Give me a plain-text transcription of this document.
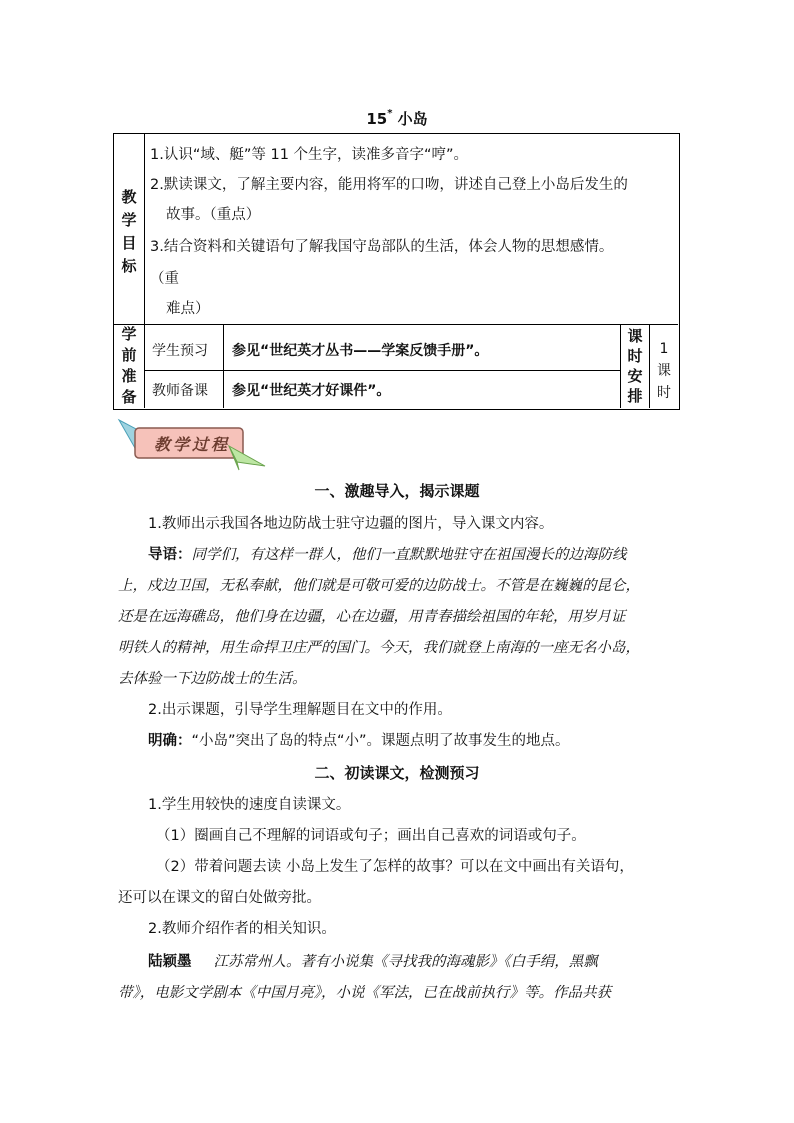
15* 小岛
教
学
目
标
1.认识“域、艇”等 11 个生字，读准多音字“哼”。
2.默读课文，了解主要内容，能用将军的口吻，讲述自己登上小岛后发生的
故事。（重点）
3.结合资料和关键语句了解我国守岛部队的生活，体会人物的思想感情。
（重
难点）
学
前
准
备
学生预习 参见“世纪英才丛书——学案反馈手册”。
教师备课 参见“世纪英才好课件”。
课
时
安
排
1
课
时
教学过程
一、激趣导入，揭示课题
1.教师出示我国各地边防战士驻守边疆的图片，导入课文内容。
导语：同学们，有这样一群人，他们一直默默地驻守在祖国漫长的边海防线
上，戍边卫国，无私奉献，他们就是可敬可爱的边防战士。不管是在巍巍的昆仑，
还是在远海礁岛，他们身在边疆，心在边疆，用青春描绘祖国的年轮，用岁月证
明铁人的精神，用生命捍卫庄严的国门。今天，我们就登上南海的一座无名小岛，
去体验一下边防战士的生活。
2.出示课题，引导学生理解题目在文中的作用。
明确：“小岛”突出了岛的特点“小”。课题点明了故事发生的地点。
二、初读课文，检测预习
1.学生用较快的速度自读课文。
（1）圈画自己不理解的词语或句子；画出自己喜欢的词语或句子。
（2）带着问题去读 小岛上发生了怎样的故事？可以在文中画出有关语句，
还可以在课文的留白处做旁批。
2.教师介绍作者的相关知识。
陆颖墨 江苏常州人。著有小说集《寻找我的海魂影》《白手绢，黑飘
带》，电影文学剧本《中国月亮》，小说《军法，已在战前执行》等。作品共获
